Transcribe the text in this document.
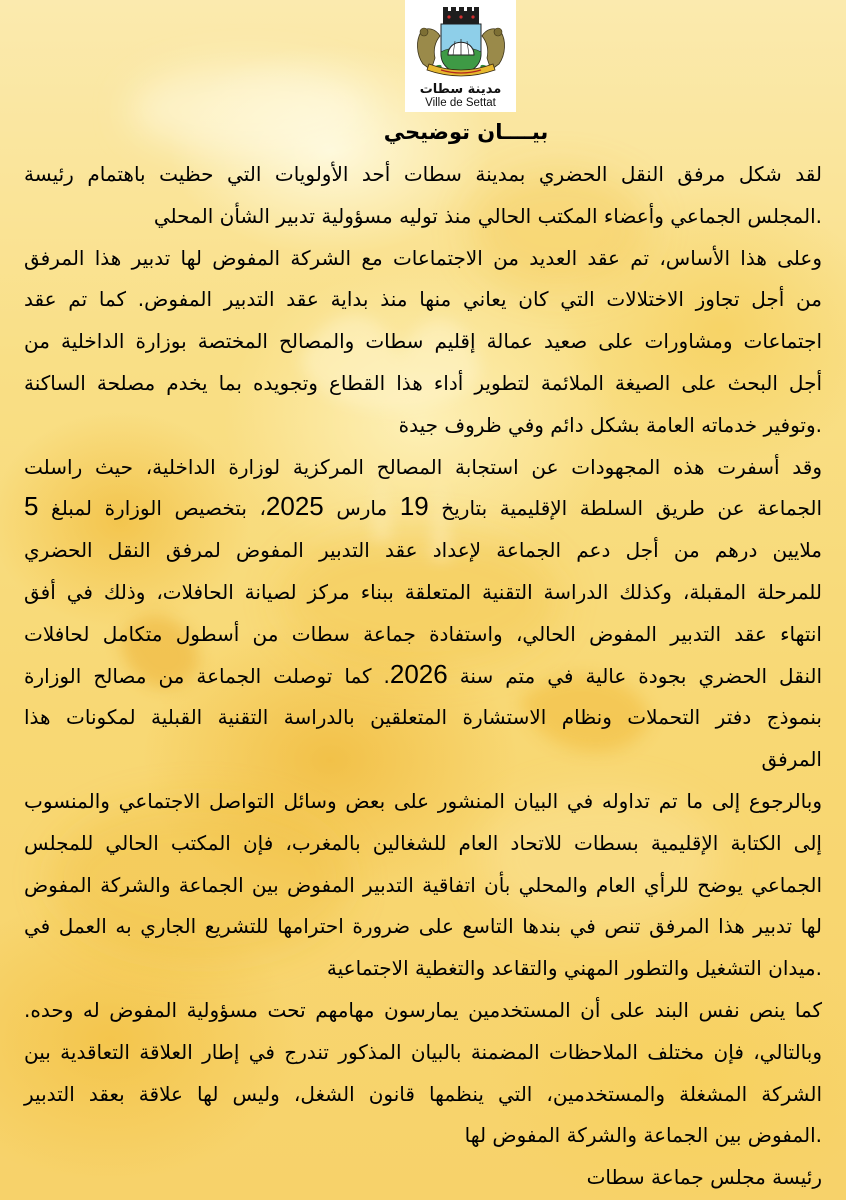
مدينة سطات
Ville de Settat
بيــــان توضيحي
لقد شكل مرفق النقل الحضري بمدينة سطات أحد الأولويات التي حظيت باهتمام رئيسة
.المجلس الجماعي وأعضاء المكتب الحالي منذ توليه مسؤولية تدبير الشأن المحلي
وعلى هذا الأساس، تم عقد العديد من الاجتماعات مع الشركة المفوض لها تدبير هذا المرفق
من أجل تجاوز الاختلالات التي كان يعاني منها منذ بداية عقد التدبير المفوض. كما تم عقد
اجتماعات ومشاورات على صعيد عمالة إقليم سطات والمصالح المختصة بوزارة الداخلية من
أجل البحث على الصيغة الملائمة لتطوير أداء هذا القطاع وتجويده بما يخدم مصلحة الساكنة
.وتوفير خدماته العامة بشكل دائم وفي ظروف جيدة
وقد أسفرت هذه المجهودات عن استجابة المصالح المركزية لوزارة الداخلية، حيث راسلت
الجماعة عن طريق السلطة الإقليمية بتاريخ 19 مارس 2025، بتخصيص الوزارة لمبلغ 5
ملايين درهم من أجل دعم الجماعة لإعداد عقد التدبير المفوض لمرفق النقل الحضري
للمرحلة المقبلة، وكذلك الدراسة التقنية المتعلقة ببناء مركز لصيانة الحافلات، وذلك في أفق
انتهاء عقد التدبير المفوض الحالي، واستفادة جماعة سطات من أسطول متكامل لحافلات
النقل الحضري بجودة عالية في متم سنة 2026. كما توصلت الجماعة من مصالح الوزارة
بنموذج دفتر التحملات ونظام الاستشارة المتعلقين بالدراسة التقنية القبلية لمكونات هذا
المرفق
وبالرجوع إلى ما تم تداوله في البيان المنشور على بعض وسائل التواصل الاجتماعي والمنسوب
إلى الكتابة الإقليمية بسطات للاتحاد العام للشغالين بالمغرب، فإن المكتب الحالي للمجلس
الجماعي يوضح للرأي العام والمحلي بأن اتفاقية التدبير المفوض بين الجماعة والشركة المفوض
لها تدبير هذا المرفق تنص في بندها التاسع على ضرورة احترامها للتشريع الجاري به العمل في
.ميدان التشغيل والتطور المهني والتقاعد والتغطية الاجتماعية
كما ينص نفس البند على أن المستخدمين يمارسون مهامهم تحت مسؤولية المفوض له وحده.
وبالتالي، فإن مختلف الملاحظات المضمنة بالبيان المذكور تندرج في إطار العلاقة التعاقدية بين
الشركة المشغلة والمستخدمين، التي ينظمها قانون الشغل، وليس لها علاقة بعقد التدبير
.المفوض بين الجماعة والشركة المفوض لها
رئيسة مجلس جماعة سطات
